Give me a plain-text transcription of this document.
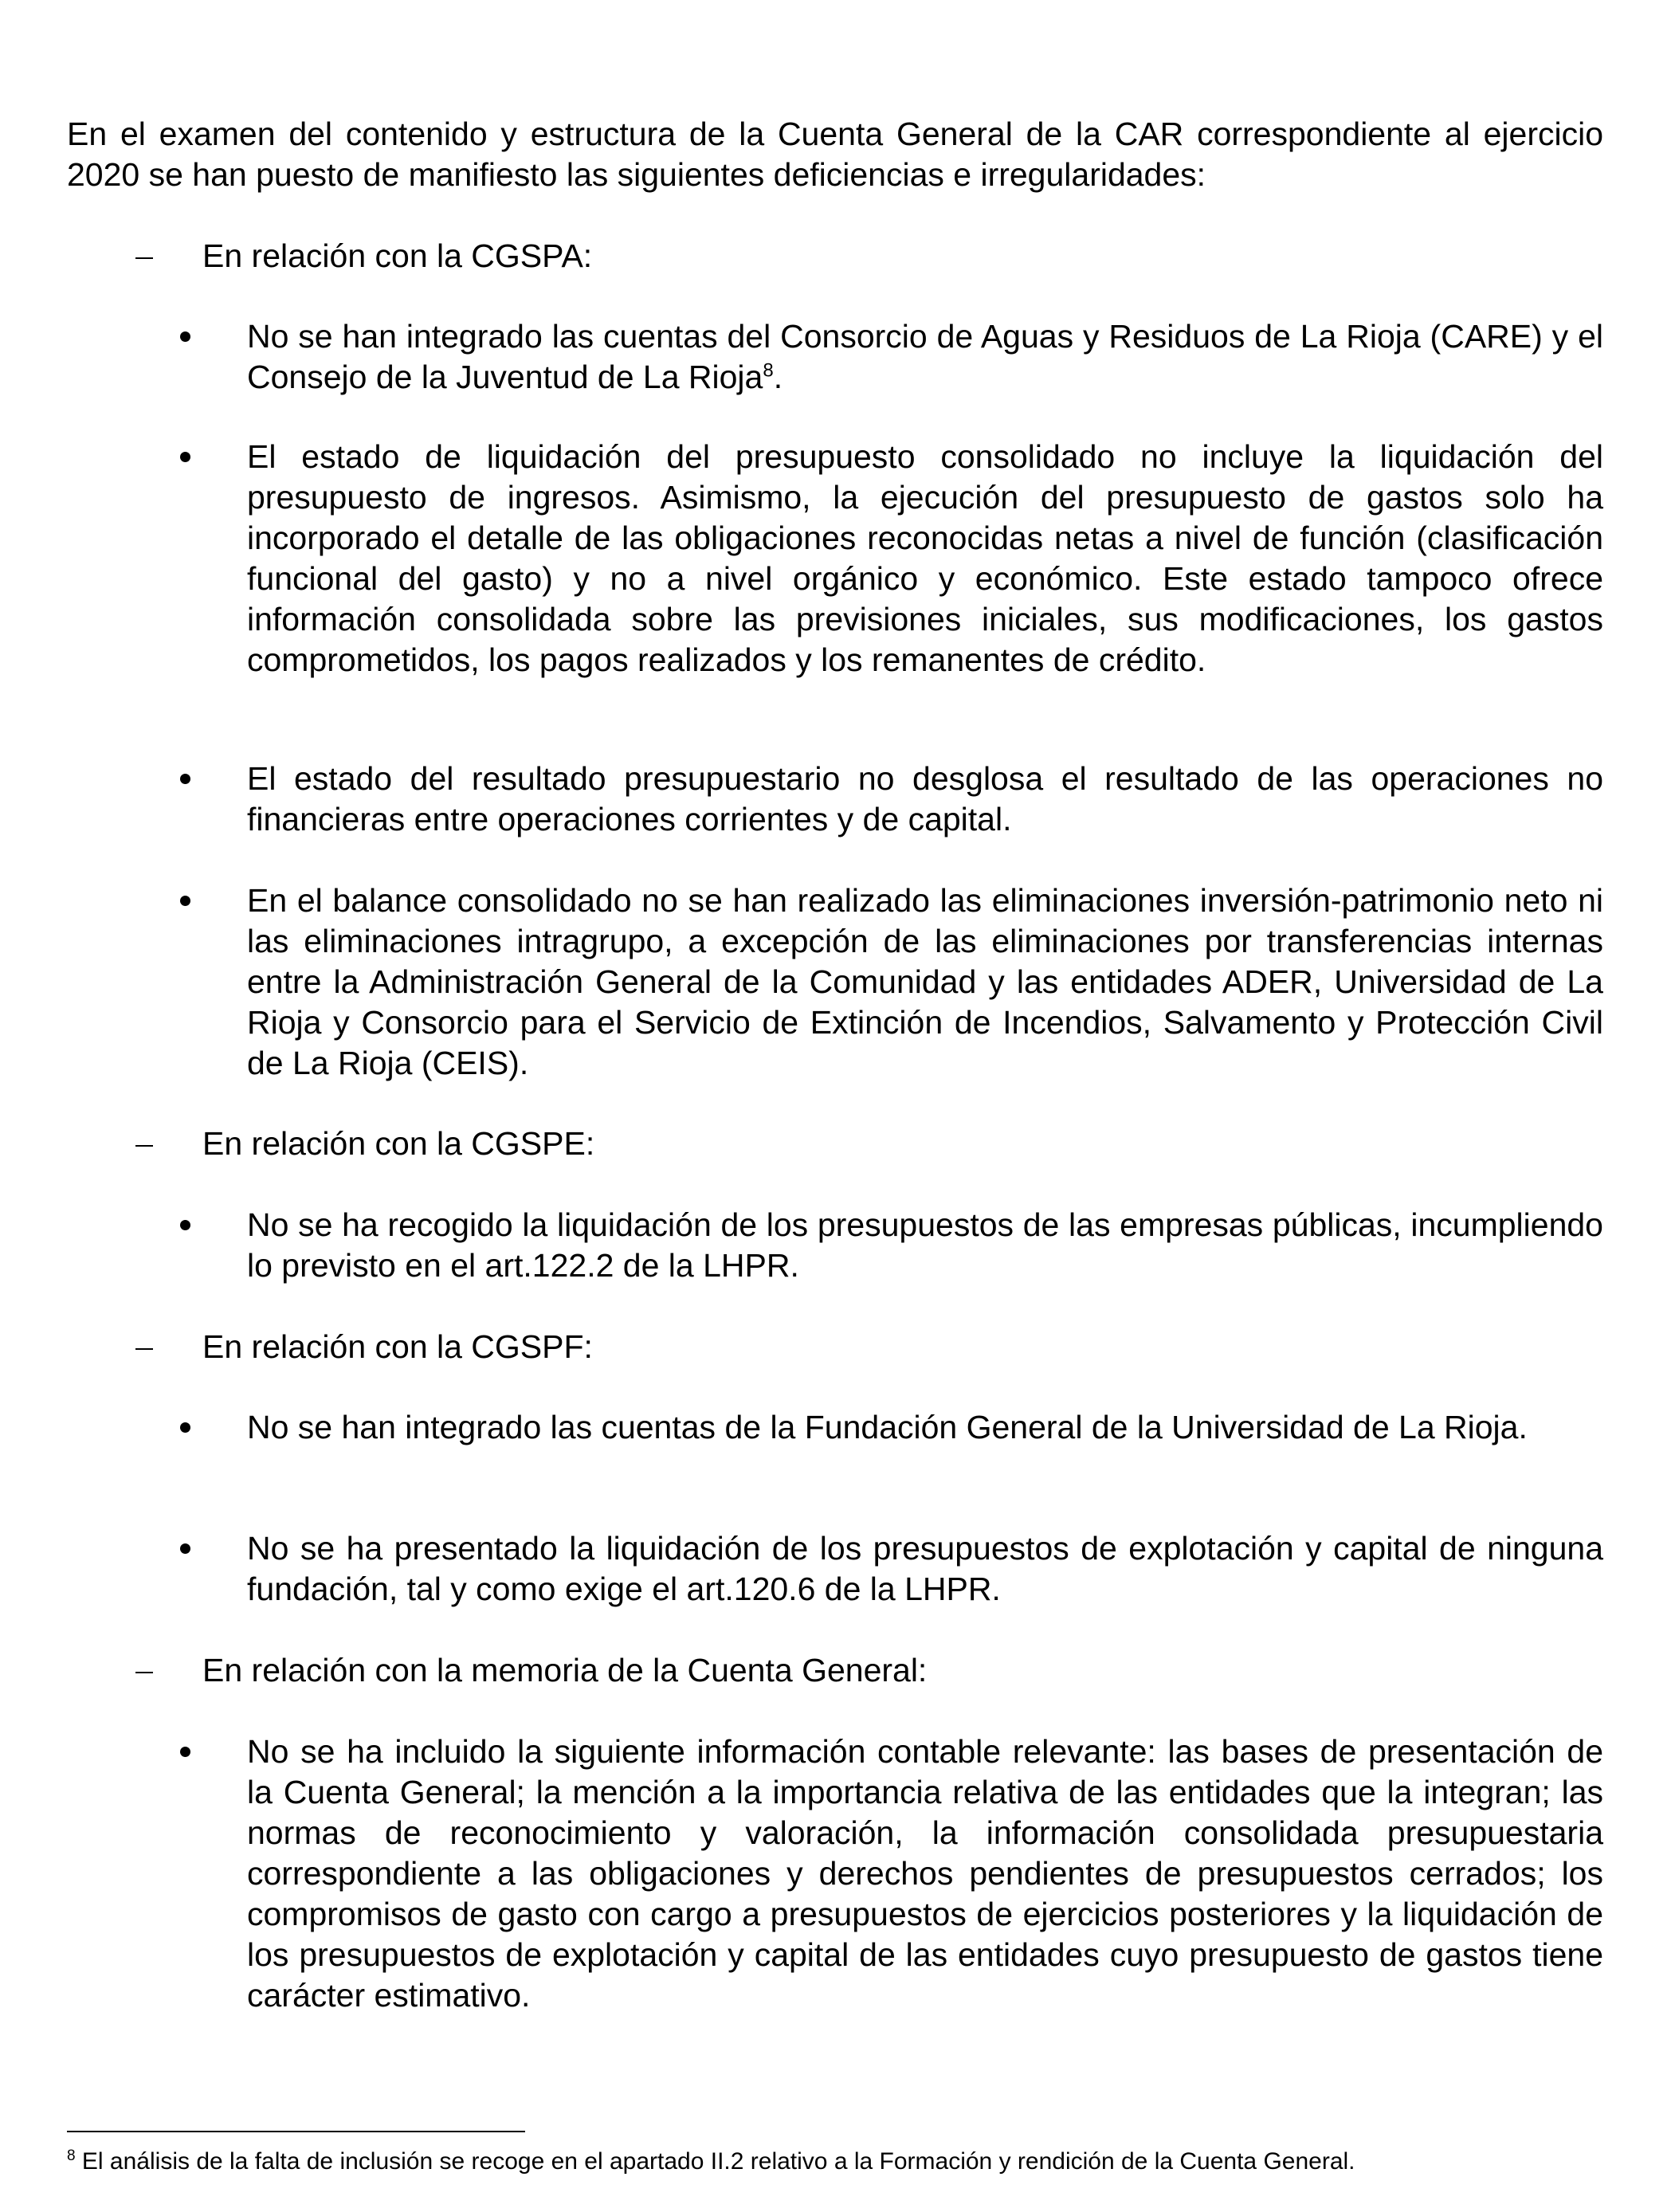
En el examen del contenido y estructura de la Cuenta General de la CAR correspondiente al ejercicio 2020 se han puesto de manifiesto las siguientes deficiencias e irregularidades:

En relación con la CGSPA:

No se han integrado las cuentas del Consorcio de Aguas y Residuos de La Rioja (CARE) y el Consejo de la Juventud de La Rioja$^8$.

El estado de liquidación del presupuesto consolidado no incluye la liquidación del presupuesto de ingresos. Asimismo, la ejecución del presupuesto de gastos solo ha incorporado el detalle de las obligaciones reconocidas netas a nivel de función (clasificación funcional del gasto) y no a nivel orgánico y económico. Este estado tampoco ofrece información consolidada sobre las previsiones iniciales, sus modificaciones, los gastos comprometidos, los pagos realizados y los remanentes de crédito.

El estado del resultado presupuestario no desglosa el resultado de las operaciones no financieras entre operaciones corrientes y de capital.

En el balance consolidado no se han realizado las eliminaciones inversión-patrimonio neto ni las eliminaciones intragrupo, a excepción de las eliminaciones por transferencias internas entre la Administración General de la Comunidad y las entidades ADER, Universidad de La Rioja y Consorcio para el Servicio de Extinción de Incendios, Salvamento y Protección Civil de La Rioja (CEIS).

En relación con la CGSPE:

No se ha recogido la liquidación de los presupuestos de las empresas públicas, incumpliendo lo previsto en el art.122.2 de la LHPR.

En relación con la CGSPF:

No se han integrado las cuentas de la Fundación General de la Universidad de La Rioja.

No se ha presentado la liquidación de los presupuestos de explotación y capital de ninguna fundación, tal y como exige el art.120.6 de la LHPR.

En relación con la memoria de la Cuenta General:

No se ha incluido la siguiente información contable relevante: las bases de presentación de la Cuenta General; la mención a la importancia relativa de las entidades que la integran; las normas de reconocimiento y valoración, la información consolidada presupuestaria correspondiente a las obligaciones y derechos pendientes de presupuestos cerrados; los compromisos de gasto con cargo a presupuestos de ejercicios posteriores y la liquidación de los presupuestos de explotación y capital de las entidades cuyo presupuesto de gastos tiene carácter estimativo.

$^8$ El análisis de la falta de inclusión se recoge en el apartado II.2 relativo a la Formación y rendición de la Cuenta General.
